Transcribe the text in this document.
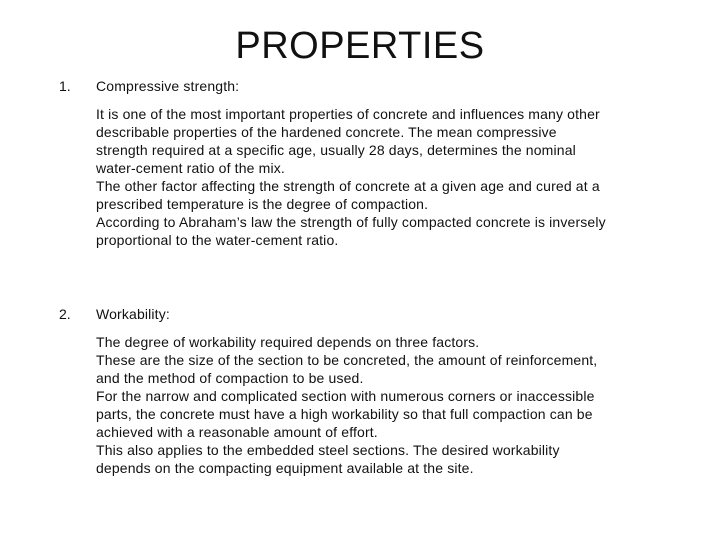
PROPERTIES
1. Compressive strength:
It is one of the most important properties of concrete and influences many other
describable properties of the hardened concrete. The mean compressive
strength required at a specific age, usually 28 days, determines the nominal
water-cement ratio of the mix.
The other factor affecting the strength of concrete at a given age and cured at a
prescribed temperature is the degree of compaction.
According to Abraham’s law the strength of fully compacted concrete is inversely
proportional to the water-cement ratio.
2. Workability:
The degree of workability required depends on three factors.
These are the size of the section to be concreted, the amount of reinforcement,
and the method of compaction to be used.
For the narrow and complicated section with numerous corners or inaccessible
parts, the concrete must have a high workability so that full compaction can be
achieved with a reasonable amount of effort.
This also applies to the embedded steel sections. The desired workability
depends on the compacting equipment available at the site.
